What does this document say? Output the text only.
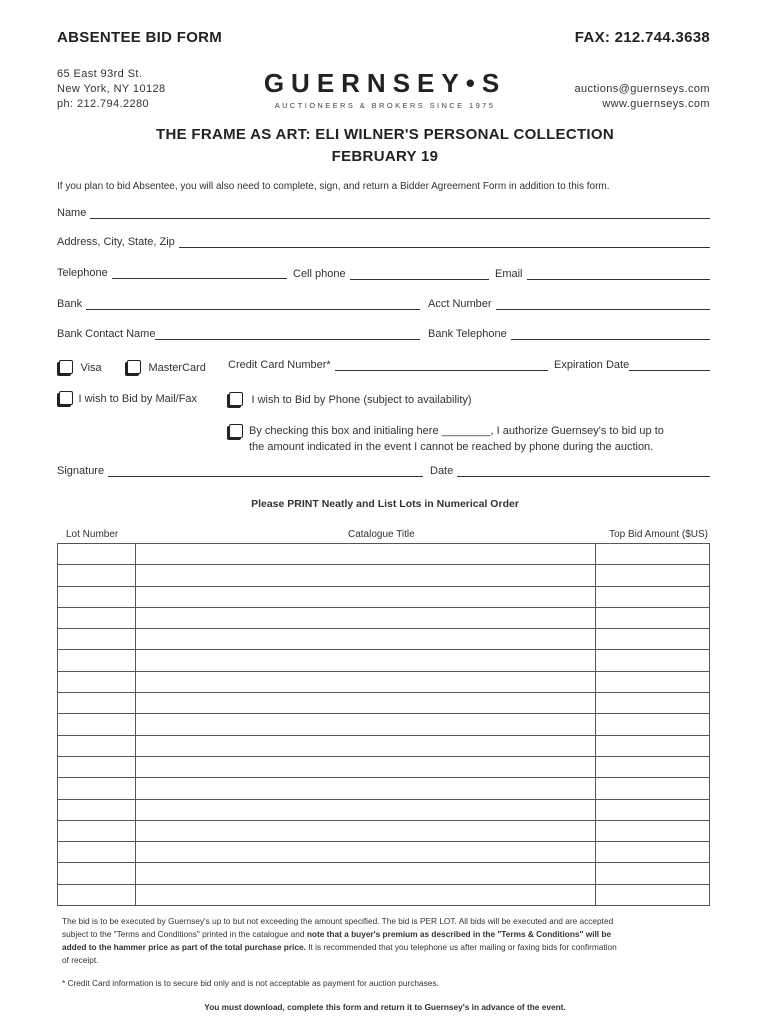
ABSENTEE BID FORM	FAX: 212.744.3638
65 East 93rd St.
New York, NY 10128
ph: 212.794.2280
GUERNSEY•S
AUCTIONEERS & BROKERS SINCE 1975
auctions@guernseys.com
www.guernseys.com
THE FRAME AS ART: ELI WILNER'S PERSONAL COLLECTION
FEBRUARY 19
If you plan to bid Absentee, you will also need to complete, sign, and return a Bidder Agreement Form in addition to this form.
Name
Address, City, State, Zip
Telephone	Cell phone	Email
Bank	Acct Number
Bank Contact Name	Bank Telephone
Visa	MasterCard Credit Card Number*	Expiration Date
I wish to Bid by Mail/Fax	I wish to Bid by Phone (subject to availability)
By checking this box and initialing here ________, I authorize Guernsey's to bid up to
the amount indicated in the event I cannot be reached by phone during the auction.
Signature	Date
Please PRINT Neatly and List Lots in Numerical Order
Lot Number	Catalogue Title	Top Bid Amount ($US)

The bid is to be executed by Guernsey's up to but not exceeding the amount specified. The bid is PER LOT. All bids will be executed and are accepted
subject to the "Terms and Conditions" printed in the catalogue and note that a buyer's premium as described in the "Terms & Conditions" will be
added to the hammer price as part of the total purchase price. It is recommended that you telephone us after mailing or faxing bids for confirmation
of receipt.
* Credit Card information is to secure bid only and is not acceptable as payment for auction purchases.
You must download, complete this form and return it to Guernsey's in advance of the event.
